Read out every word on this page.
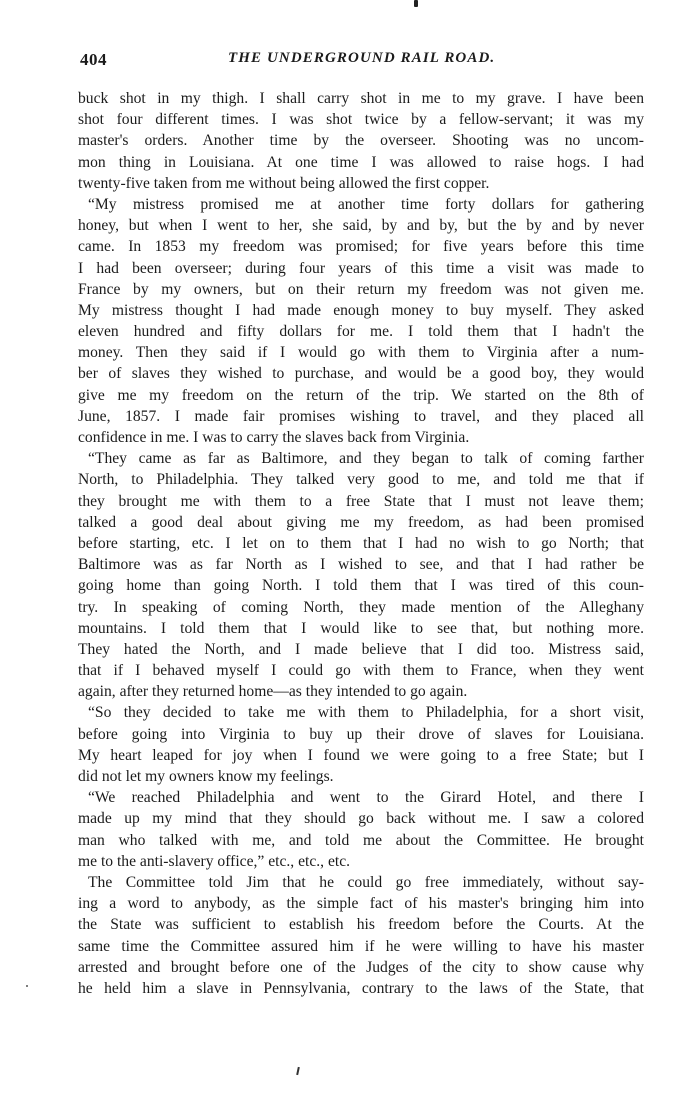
404	THE UNDERGROUND RAIL ROAD.
buck shot in my thigh. I shall carry shot in me to my grave. I have been
shot four different times. I was shot twice by a fellow-servant; it was my
master's orders. Another time by the overseer. Shooting was no uncom-
mon thing in Louisiana. At one time I was allowed to raise hogs. I had
twenty-five taken from me without being allowed the first copper.
“My mistress promised me at another time forty dollars for gathering
honey, but when I went to her, she said, by and by, but the by and by never
came. In 1853 my freedom was promised; for five years before this time
I had been overseer; during four years of this time a visit was made to
France by my owners, but on their return my freedom was not given me.
My mistress thought I had made enough money to buy myself. They asked
eleven hundred and fifty dollars for me. I told them that I hadn't the
money. Then they said if I would go with them to Virginia after a num-
ber of slaves they wished to purchase, and would be a good boy, they would
give me my freedom on the return of the trip. We started on the 8th of
June, 1857. I made fair promises wishing to travel, and they placed all
confidence in me. I was to carry the slaves back from Virginia.
“They came as far as Baltimore, and they began to talk of coming farther
North, to Philadelphia. They talked very good to me, and told me that if
they brought me with them to a free State that I must not leave them;
talked a good deal about giving me my freedom, as had been promised
before starting, etc. I let on to them that I had no wish to go North; that
Baltimore was as far North as I wished to see, and that I had rather be
going home than going North. I told them that I was tired of this coun-
try. In speaking of coming North, they made mention of the Alleghany
mountains. I told them that I would like to see that, but nothing more.
They hated the North, and I made believe that I did too. Mistress said,
that if I behaved myself I could go with them to France, when they went
again, after they returned home—as they intended to go again.
“So they decided to take me with them to Philadelphia, for a short visit,
before going into Virginia to buy up their drove of slaves for Louisiana.
My heart leaped for joy when I found we were going to a free State; but I
did not let my owners know my feelings.
“We reached Philadelphia and went to the Girard Hotel, and there I
made up my mind that they should go back without me. I saw a colored
man who talked with me, and told me about the Committee. He brought
me to the anti-slavery office,” etc., etc., etc.
The Committee told Jim that he could go free immediately, without say-
ing a word to anybody, as the simple fact of his master's bringing him into
the State was sufficient to establish his freedom before the Courts. At the
same time the Committee assured him if he were willing to have his master
arrested and brought before one of the Judges of the city to show cause why
he held him a slave in Pennsylvania, contrary to the laws of the State, that
